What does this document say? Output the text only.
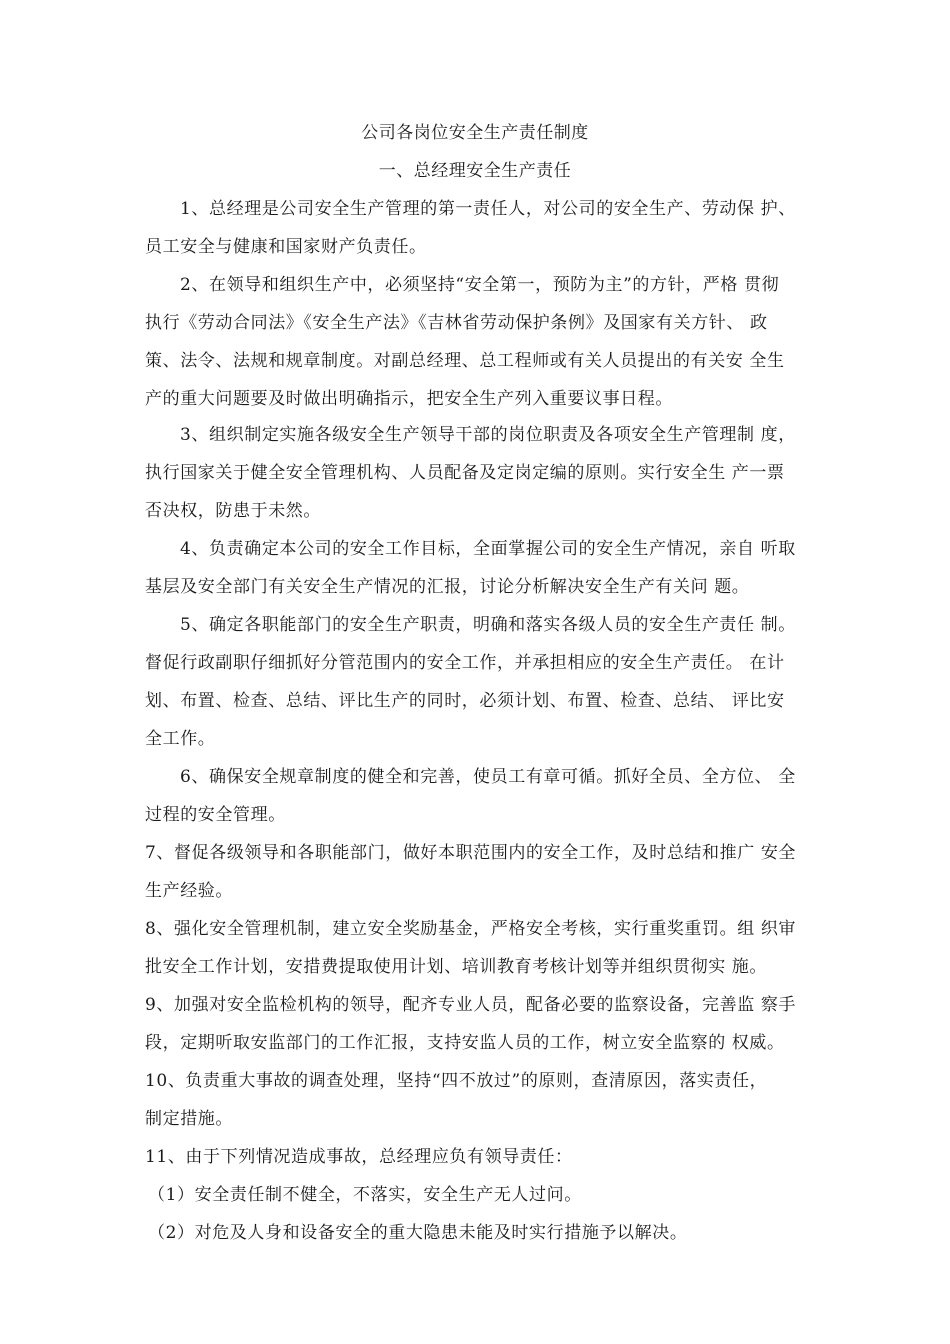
公司各岗位安全生产责任制度
一、总经理安全生产责任
1、总经理是公司安全生产管理的第一责任人，对公司的安全生产、劳动保 护、
员工安全与健康和国家财产负责任。
2、在领导和组织生产中，必须坚持“安全第一，预防为主”的方针，严格 贯彻
执行《劳动合同法》《安全生产法》《吉林省劳动保护条例》及国家有关方针、 政
策、法令、法规和规章制度。对副总经理、总工程师或有关人员提出的有关安 全生
产的重大问题要及时做出明确指示，把安全生产列入重要议事日程。
3、组织制定实施各级安全生产领导干部的岗位职责及各项安全生产管理制 度，
执行国家关于健全安全管理机构、人员配备及定岗定编的原则。实行安全生 产一票
否决权，防患于未然。
4、负责确定本公司的安全工作目标，全面掌握公司的安全生产情况，亲自 听取
基层及安全部门有关安全生产情况的汇报，讨论分析解决安全生产有关问 题。
5、确定各职能部门的安全生产职责，明确和落实各级人员的安全生产责任 制。
督促行政副职仔细抓好分管范围内的安全工作，并承担相应的安全生产责任。 在计
划、布置、检查、总结、评比生产的同时，必须计划、布置、检查、总结、 评比安
全工作。
6、确保安全规章制度的健全和完善，使员工有章可循。抓好全员、全方位、 全
过程的安全管理。
7、督促各级领导和各职能部门，做好本职范围内的安全工作，及时总结和推广 安全
生产经验。
8、强化安全管理机制，建立安全奖励基金，严格安全考核，实行重奖重罚。组 织审
批安全工作计划，安措费提取使用计划、培训教育考核计划等并组织贯彻实 施。
9、加强对安全监检机构的领导，配齐专业人员，配备必要的监察设备，完善监 察手
段，定期听取安监部门的工作汇报，支持安监人员的工作，树立安全监察的 权威。
10、负责重大事故的调查处理，坚持“四不放过”的原则，查清原因，落实责任，
制定措施。
11、由于下列情况造成事故，总经理应负有领导责任：
（1）安全责任制不健全，不落实，安全生产无人过问。
（2）对危及人身和设备安全的重大隐患未能及时实行措施予以解决。
